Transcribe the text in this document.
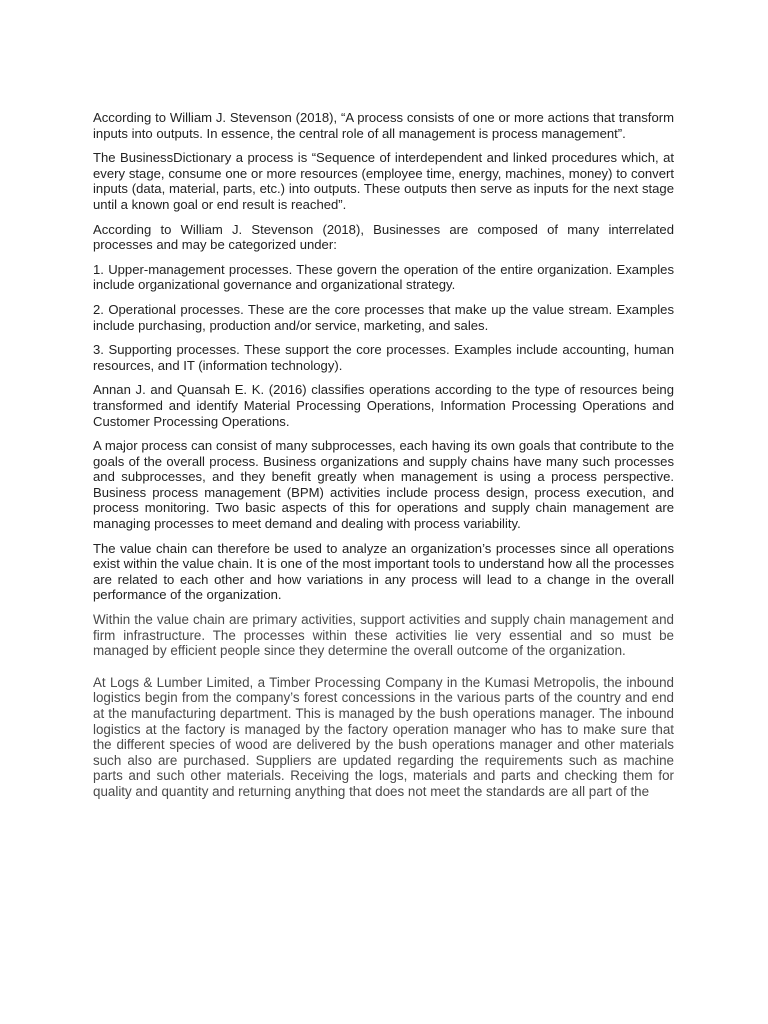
According to William J. Stevenson (2018), “A process consists of one or more actions that transform inputs into outputs. In essence, the central role of all management is process management”.

The BusinessDictionary a process is “Sequence of interdependent and linked procedures which, at every stage, consume one or more resources (employee time, energy, machines, money) to convert inputs (data, material, parts, etc.) into outputs. These outputs then serve as inputs for the next stage until a known goal or end result is reached”.

According to William J. Stevenson (2018), Businesses are composed of many interrelated processes and may be categorized under:

1. Upper-management processes. These govern the operation of the entire organization. Examples include organizational governance and organizational strategy.

2. Operational processes. These are the core processes that make up the value stream. Examples include purchasing, production and/or service, marketing, and sales.

3. Supporting processes. These support the core processes. Examples include accounting, human resources, and IT (information technology).

Annan J. and Quansah E. K. (2016) classifies operations according to the type of resources being transformed and identify Material Processing Operations, Information Processing Operations and Customer Processing Operations.

A major process can consist of many subprocesses, each having its own goals that contribute to the goals of the overall process. Business organizations and supply chains have many such processes and subprocesses, and they benefit greatly when management is using a process perspective. Business process management (BPM) activities include process design, process execution, and process monitoring. Two basic aspects of this for operations and supply chain management are managing processes to meet demand and dealing with process variability.

The value chain can therefore be used to analyze an organization’s processes since all operations exist within the value chain. It is one of the most important tools to understand how all the processes are related to each other and how variations in any process will lead to a change in the overall performance of the organization.

Within the value chain are primary activities, support activities and supply chain management and firm infrastructure. The processes within these activities lie very essential and so must be managed by efficient people since they determine the overall outcome of the organization.

At Logs & Lumber Limited, a Timber Processing Company in the Kumasi Metropolis, the inbound logistics begin from the company’s forest concessions in the various parts of the country and end at the manufacturing department. This is managed by the bush operations manager. The inbound logistics at the factory is managed by the factory operation manager who has to make sure that the different species of wood are delivered by the bush operations manager and other materials such also are purchased. Suppliers are updated regarding the requirements such as machine parts and such other materials. Receiving the logs, materials and parts and checking them for quality and quantity and returning anything that does not meet the standards are all part of the
